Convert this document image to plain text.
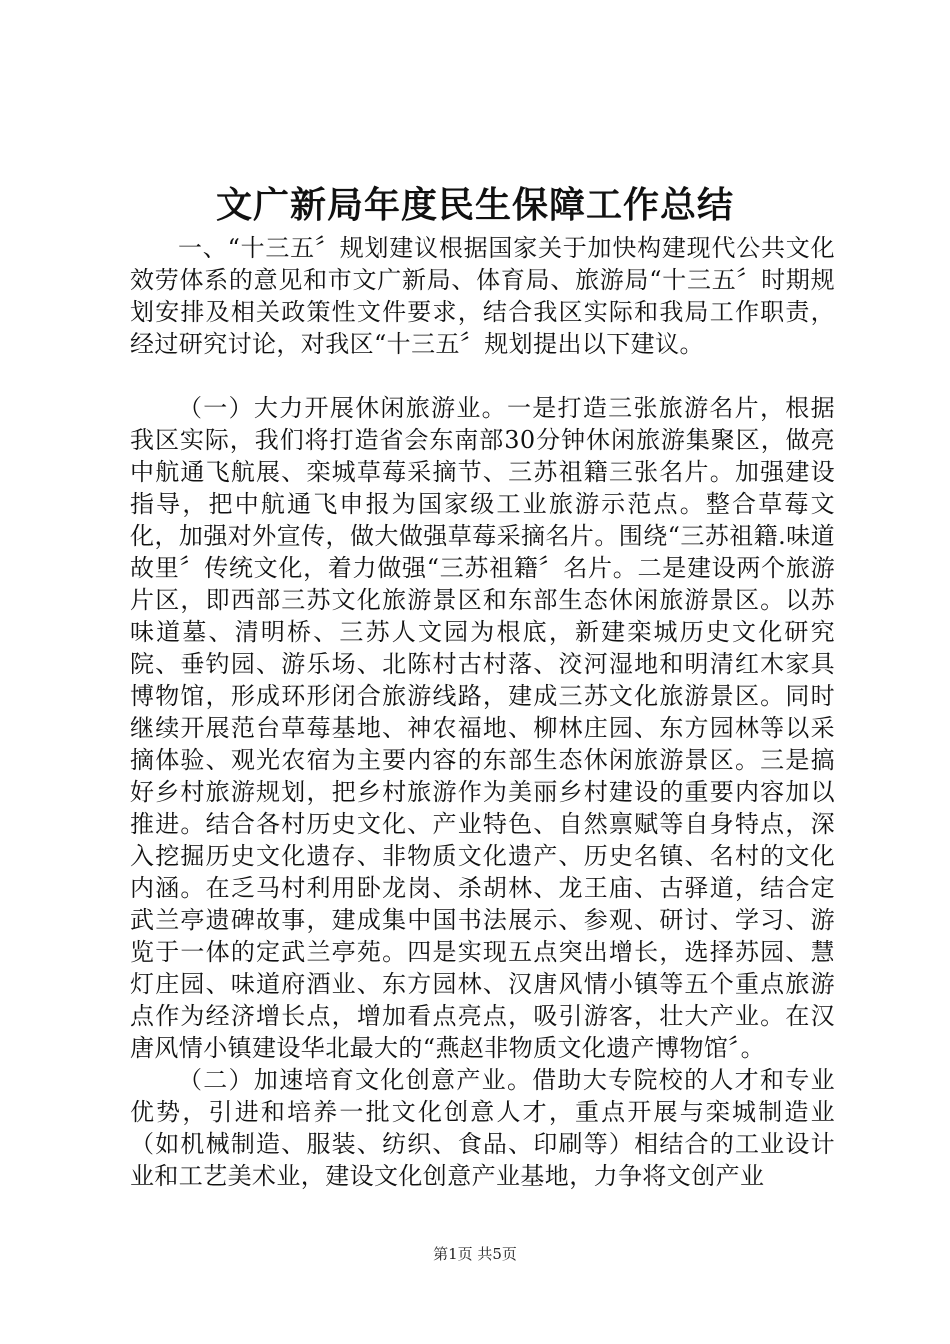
文广新局年度民生保障工作总结

一、“十三五〞规划建议根据国家关于加快构建现代公共文化效劳体系的意见和市文广新局、体育局、旅游局“十三五〞时期规划安排及相关政策性文件要求，结合我区实际和我局工作职责，经过研究讨论，对我区“十三五〞规划提出以下建议。

（一）大力开展休闲旅游业。一是打造三张旅游名片，根据我区实际，我们将打造省会东南部30分钟休闲旅游集聚区，做亮中航通飞航展、栾城草莓采摘节、三苏祖籍三张名片。加强建设指导，把中航通飞申报为国家级工业旅游示范点。整合草莓文化，加强对外宣传，做大做强草莓采摘名片。围绕“三苏祖籍.味道故里〞传统文化，着力做强“三苏祖籍〞名片。二是建设两个旅游片区，即西部三苏文化旅游景区和东部生态休闲旅游景区。以苏味道墓、清明桥、三苏人文园为根底，新建栾城历史文化研究院、垂钓园、游乐场、北陈村古村落、洨河湿地和明清红木家具博物馆，形成环形闭合旅游线路，建成三苏文化旅游景区。同时继续开展范台草莓基地、神农福地、柳林庄园、东方园林等以采摘体验、观光农宿为主要内容的东部生态休闲旅游景区。三是搞好乡村旅游规划，把乡村旅游作为美丽乡村建设的重要内容加以推进。结合各村历史文化、产业特色、自然禀赋等自身特点，深入挖掘历史文化遗存、非物质文化遗产、历史名镇、名村的文化内涵。在乏马村利用卧龙岗、杀胡林、龙王庙、古驿道，结合定武兰亭遗碑故事，建成集中国书法展示、参观、研讨、学习、游览于一体的定武兰亭苑。四是实现五点突出增长，选择苏园、慧灯庄园、味道府酒业、东方园林、汉唐风情小镇等五个重点旅游点作为经济增长点，增加看点亮点，吸引游客，壮大产业。在汉唐风情小镇建设华北最大的“燕赵非物质文化遗产博物馆〞。

（二）加速培育文化创意产业。借助大专院校的人才和专业优势，引进和培养一批文化创意人才，重点开展与栾城制造业（如机械制造、服装、纺织、食品、印刷等）相结合的工业设计业和工艺美术业，建设文化创意产业基地，力争将文创产业

第1页 共5页
